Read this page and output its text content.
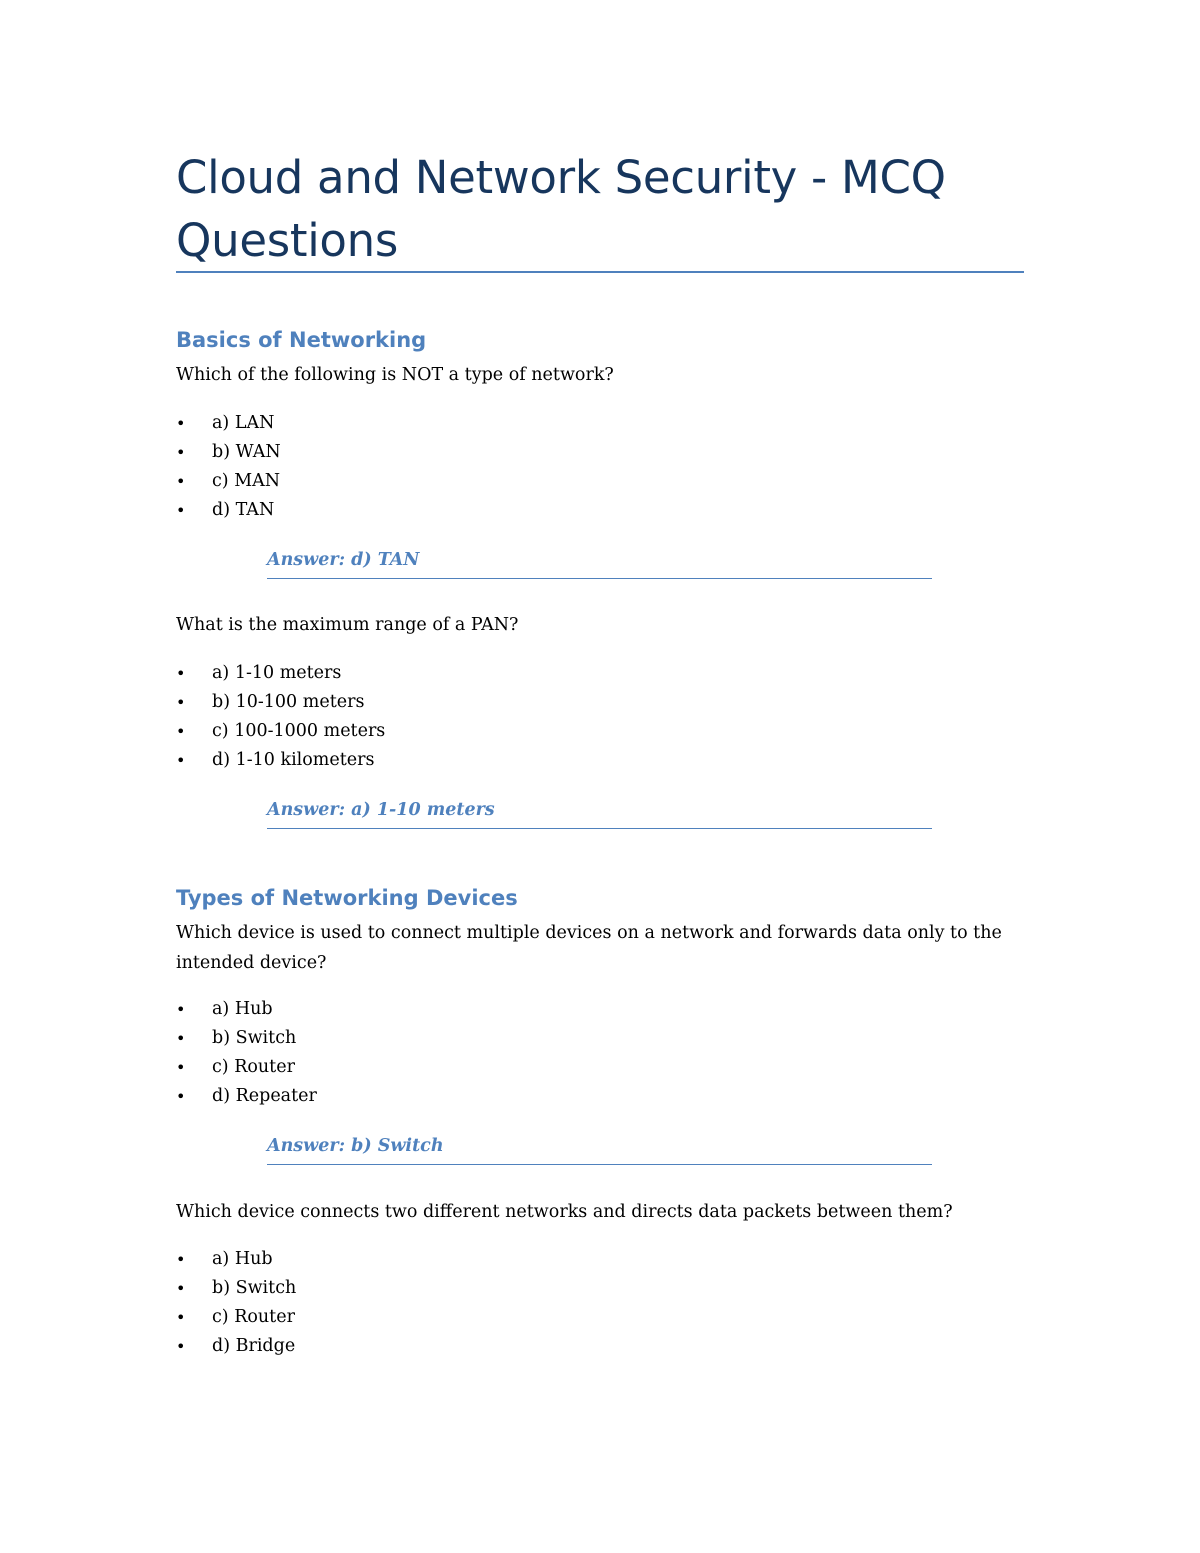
Cloud and Network Security - MCQ Questions
Basics of Networking

Which of the following is NOT a type of network?

• a) LAN
• b) WAN
• c) MAN
• d) TAN
Answer: d) TAN

What is the maximum range of a PAN?

• a) 1-10 meters
• b) 10-100 meters
• c) 100-1000 meters
• d) 1-10 kilometers
Answer: a) 1-10 meters
Types of Networking Devices

Which device is used to connect multiple devices on a network and forwards data only to the intended device?

• a) Hub
• b) Switch
• c) Router
• d) Repeater
Answer: b) Switch

Which device connects two different networks and directs data packets between them?

• a) Hub
• b) Switch
• c) Router
• d) Bridge
